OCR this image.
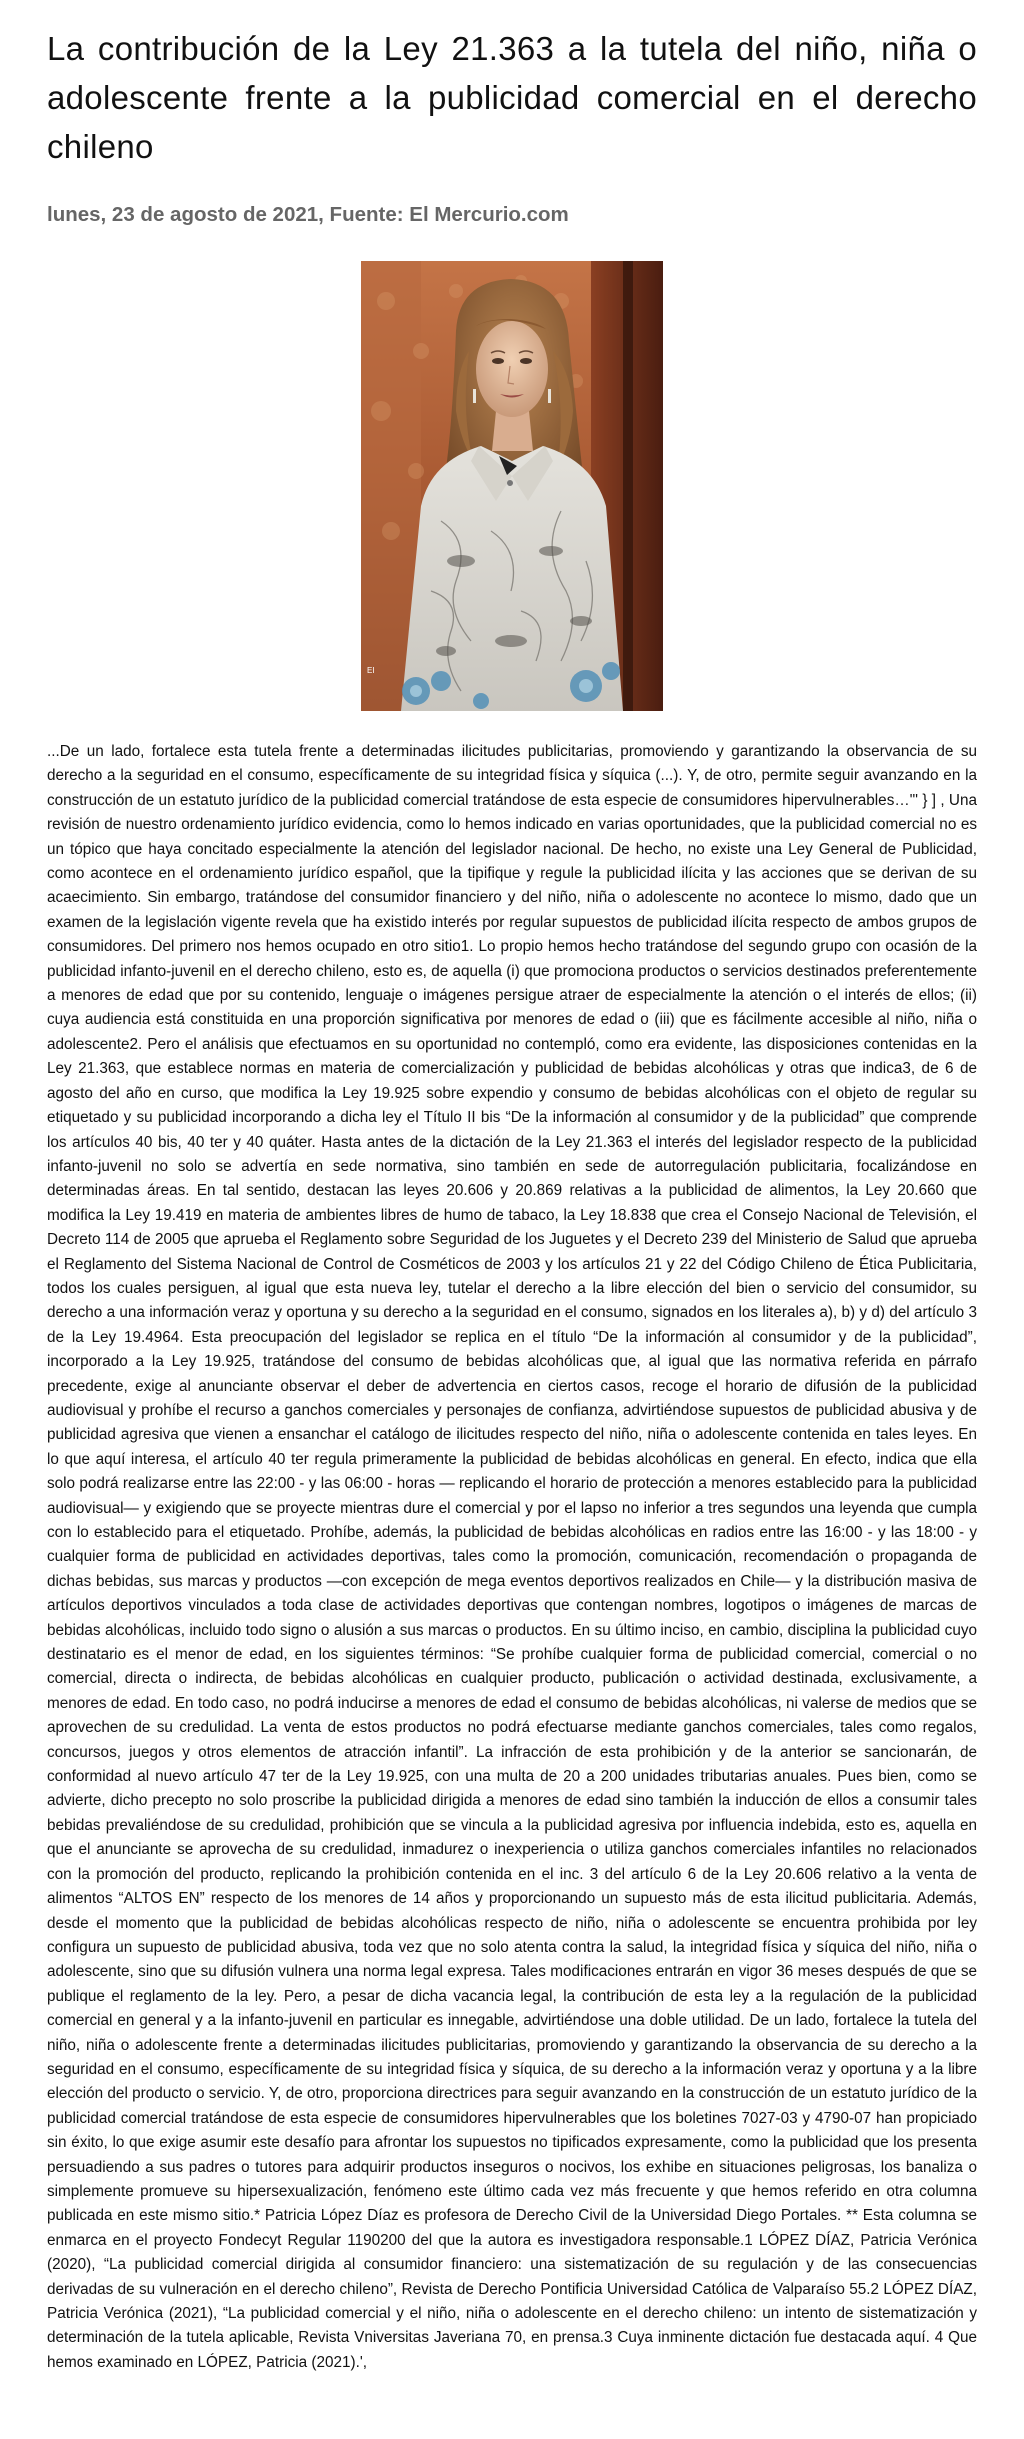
La contribución de la Ley 21.363 a la tutela del niño, niña o adolescente frente a la publicidad comercial en el derecho chileno
lunes, 23 de agosto de 2021, Fuente: El Mercurio.com
EI
...De un lado, fortalece esta tutela frente a determinadas ilicitudes publicitarias, promoviendo y garantizando la observancia de su derecho a la seguridad en el consumo, específicamente de su integridad física y síquica (...). Y, de otro, permite seguir avanzando en la construcción de un estatuto jurídico de la publicidad comercial tratándose de esta especie de consumidores hipervulnerables…'" } ] , Una revisión de nuestro ordenamiento jurídico evidencia, como lo hemos indicado en varias oportunidades, que la publicidad comercial no es un tópico que haya concitado especialmente la atención del legislador nacional. De hecho, no existe una Ley General de Publicidad, como acontece en el ordenamiento jurídico español, que la tipifique y regule la publicidad ilícita y las acciones que se derivan de su acaecimiento. Sin embargo, tratándose del consumidor financiero y del niño, niña o adolescente no acontece lo mismo, dado que un examen de la legislación vigente revela que ha existido interés por regular supuestos de publicidad ilícita respecto de ambos grupos de consumidores. Del primero nos hemos ocupado en otro sitio1. Lo propio hemos hecho tratándose del segundo grupo con ocasión de la publicidad infanto-juvenil en el derecho chileno, esto es, de aquella (i) que promociona productos o servicios destinados preferentemente a menores de edad que por su contenido, lenguaje o imágenes persigue atraer de especialmente la atención o el interés de ellos; (ii) cuya audiencia está constituida en una proporción significativa por menores de edad o (iii) que es fácilmente accesible al niño, niña o adolescente2. Pero el análisis que efectuamos en su oportunidad no contempló, como era evidente, las disposiciones contenidas en la Ley 21.363, que establece normas en materia de comercialización y publicidad de bebidas alcohólicas y otras que indica3, de 6 de agosto del año en curso, que modifica la Ley 19.925 sobre expendio y consumo de bebidas alcohólicas con el objeto de regular su etiquetado y su publicidad incorporando a dicha ley el Título II bis “De la información al consumidor y de la publicidad” que comprende los artículos 40 bis, 40 ter y 40 quáter. Hasta antes de la dictación de la Ley 21.363 el interés del legislador respecto de la publicidad infanto-juvenil no solo se advertía en sede normativa, sino también en sede de autorregulación publicitaria, focalizándose en determinadas áreas. En tal sentido, destacan las leyes 20.606 y 20.869 relativas a la publicidad de alimentos, la Ley 20.660 que modifica la Ley 19.419 en materia de ambientes libres de humo de tabaco, la Ley 18.838 que crea el Consejo Nacional de Televisión, el Decreto 114 de 2005 que aprueba el Reglamento sobre Seguridad de los Juguetes y el Decreto 239 del Ministerio de Salud que aprueba el Reglamento del Sistema Nacional de Control de Cosméticos de 2003 y los artículos 21 y 22 del Código Chileno de Ética Publicitaria, todos los cuales persiguen, al igual que esta nueva ley, tutelar el derecho a la libre elección del bien o servicio del consumidor, su derecho a una información veraz y oportuna y su derecho a la seguridad en el consumo, signados en los literales a), b) y d) del artículo 3 de la Ley 19.4964. Esta preocupación del legislador se replica en el título “De la información al consumidor y de la publicidad”, incorporado a la Ley 19.925, tratándose del consumo de bebidas alcohólicas que, al igual que las normativa referida en párrafo precedente, exige al anunciante observar el deber de advertencia en ciertos casos, recoge el horario de difusión de la publicidad audiovisual y prohíbe el recurso a ganchos comerciales y personajes de confianza, advirtiéndose supuestos de publicidad abusiva y de publicidad agresiva que vienen a ensanchar el catálogo de ilicitudes respecto del niño, niña o adolescente contenida en tales leyes. En lo que aquí interesa, el artículo 40 ter regula primeramente la publicidad de bebidas alcohólicas en general. En efecto, indica que ella solo podrá realizarse entre las 22:00 - y las 06:00 - horas — replicando el horario de protección a menores establecido para la publicidad audiovisual— y exigiendo que se proyecte mientras dure el comercial y por el lapso no inferior a tres segundos una leyenda que cumpla con lo establecido para el etiquetado. Prohíbe, además, la publicidad de bebidas alcohólicas en radios entre las 16:00 - y las 18:00 - y cualquier forma de publicidad en actividades deportivas, tales como la promoción, comunicación, recomendación o propaganda de dichas bebidas, sus marcas y productos —con excepción de mega eventos deportivos realizados en Chile— y la distribución masiva de artículos deportivos vinculados a toda clase de actividades deportivas que contengan nombres, logotipos o imágenes de marcas de bebidas alcohólicas, incluido todo signo o alusión a sus marcas o productos. En su último inciso, en cambio, disciplina la publicidad cuyo destinatario es el menor de edad, en los siguientes términos: “Se prohíbe cualquier forma de publicidad comercial, comercial o no comercial, directa o indirecta, de bebidas alcohólicas en cualquier producto, publicación o actividad destinada, exclusivamente, a menores de edad. En todo caso, no podrá inducirse a menores de edad el consumo de bebidas alcohólicas, ni valerse de medios que se aprovechen de su credulidad. La venta de estos productos no podrá efectuarse mediante ganchos comerciales, tales como regalos, concursos, juegos y otros elementos de atracción infantil”. La infracción de esta prohibición y de la anterior se sancionarán, de conformidad al nuevo artículo 47 ter de la Ley 19.925, con una multa de 20 a 200 unidades tributarias anuales. Pues bien, como se advierte, dicho precepto no solo proscribe la publicidad dirigida a menores de edad sino también la inducción de ellos a consumir tales bebidas prevaliéndose de su credulidad, prohibición que se vincula a la publicidad agresiva por influencia indebida, esto es, aquella en que el anunciante se aprovecha de su credulidad, inmadurez o inexperiencia o utiliza ganchos comerciales infantiles no relacionados con la promoción del producto, replicando la prohibición contenida en el inc. 3 del artículo 6 de la Ley 20.606 relativo a la venta de alimentos “ALTOS EN” respecto de los menores de 14 años y proporcionando un supuesto más de esta ilicitud publicitaria. Además, desde el momento que la publicidad de bebidas alcohólicas respecto de niño, niña o adolescente se encuentra prohibida por ley configura un supuesto de publicidad abusiva, toda vez que no solo atenta contra la salud, la integridad física y síquica del niño, niña o adolescente, sino que su difusión vulnera una norma legal expresa. Tales modificaciones entrarán en vigor 36 meses después de que se publique el reglamento de la ley. Pero, a pesar de dicha vacancia legal, la contribución de esta ley a la regulación de la publicidad comercial en general y a la infanto-juvenil en particular es innegable, advirtiéndose una doble utilidad. De un lado, fortalece la tutela del niño, niña o adolescente frente a determinadas ilicitudes publicitarias, promoviendo y garantizando la observancia de su derecho a la seguridad en el consumo, específicamente de su integridad física y síquica, de su derecho a la información veraz y oportuna y a la libre elección del producto o servicio. Y, de otro, proporciona directrices para seguir avanzando en la construcción de un estatuto jurídico de la publicidad comercial tratándose de esta especie de consumidores hipervulnerables que los boletines 7027-03 y 4790-07 han propiciado sin éxito, lo que exige asumir este desafío para afrontar los supuestos no tipificados expresamente, como la publicidad que los presenta persuadiendo a sus padres o tutores para adquirir productos inseguros o nocivos, los exhibe en situaciones peligrosas, los banaliza o simplemente promueve su hipersexualización, fenómeno este último cada vez más frecuente y que hemos referido en otra columna publicada en este mismo sitio.* Patricia López Díaz es profesora de Derecho Civil de la Universidad Diego Portales. ** Esta columna se enmarca en el proyecto Fondecyt Regular 1190200 del que la autora es investigadora responsable.1 LÓPEZ DÍAZ, Patricia Verónica (2020), “La publicidad comercial dirigida al consumidor financiero: una sistematización de su regulación y de las consecuencias derivadas de su vulneración en el derecho chileno”, Revista de Derecho Pontificia Universidad Católica de Valparaíso 55.2 LÓPEZ DÍAZ, Patricia Verónica (2021), “La publicidad comercial y el niño, niña o adolescente en el derecho chileno: un intento de sistematización y determinación de la tutela aplicable, Revista Vniversitas Javeriana 70, en prensa.3 Cuya inminente dictación fue destacada aquí. 4 Que hemos examinado en LÓPEZ, Patricia (2021).',
